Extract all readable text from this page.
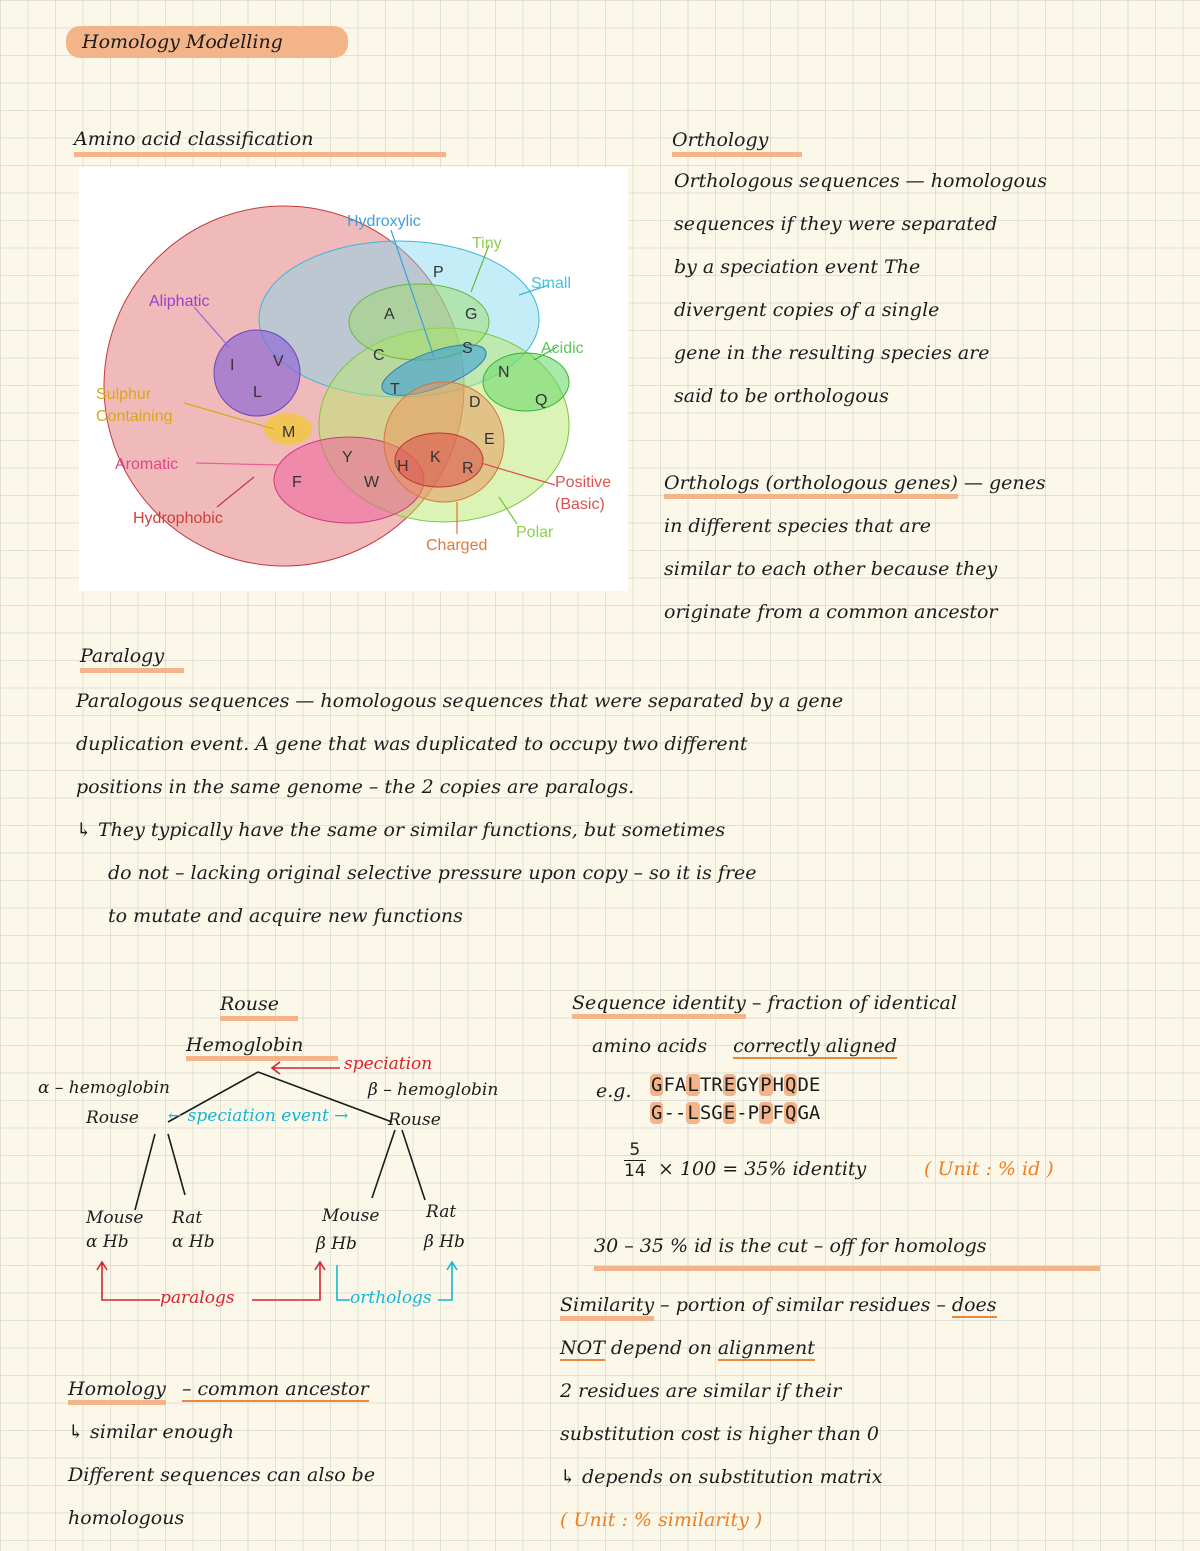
Homology Modelling
Amino acid classification
Hydroxylic
Tiny
Small
Aliphatic
Acidic
Sulphur
Containing
Aromatic
Positive
(Basic)
Hydrophobic
Charged
Polar
P
A	G
C	S
I V
L	T
N
Q
D
M	E
Y
H
K
R
F	W
Orthology
Orthologous sequences — homologous
sequences if they were separated
by a speciation event The
divergent copies of a single
gene in the resulting species are
said to be orthologous
Orthologs (orthologous genes) — genes
in different species that are
similar to each other because they
originate from a common ancestor
Paralogy
Paralogous sequences — homologous sequences that were separated by a gene
duplication event. A gene that was duplicated to occupy two different
positions in the same genome – the 2 copies are paralogs.
↳ They typically have the same or similar functions, but sometimes
do not – lacking original selective pressure upon copy – so it is free
to mutate and acquire new functions
Rouse
Hemoglobin
speciation
α – hemoglobin
Rouse
β – hemoglobin
Rouse
← speciation event →
Mouse
α Hb
Rat
α Hb
Mouse
β Hb
Rat
β Hb
paralogs	orthologs
Homology – common ancestor
↳ similar enough
Different sequences can also be
homologous
Sequence identity – fraction of identical
amino acids correctly aligned
e.g. GFALTREGYPHQDE
G--LSGE-PPFQGA
$\frac{5}{14} \times 100 = 35\%$ identity	( Unit : % id )
30 – 35 % id is the cut – off for homologs
Similarity – portion of similar residues – does
NOT depend on alignment
2 residues are similar if their
substitution cost is higher than 0
↳ depends on substitution matrix
( Unit : % similarity )
